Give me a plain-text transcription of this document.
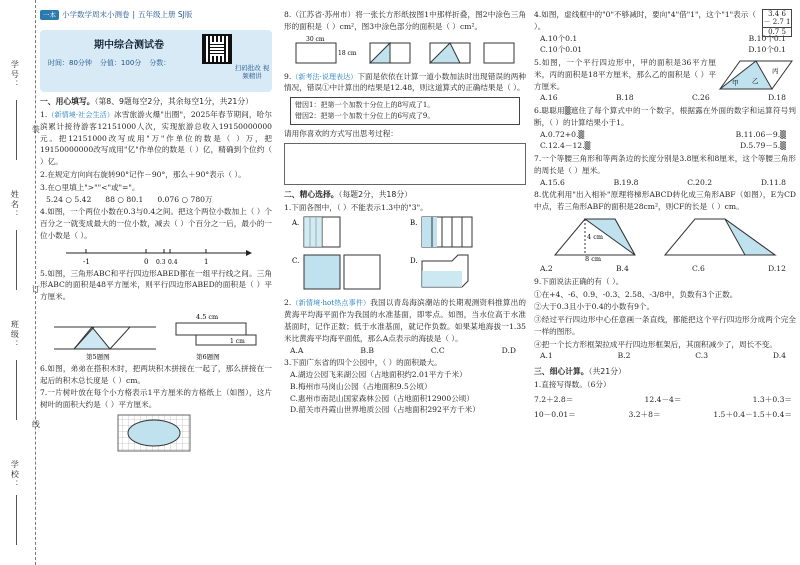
学号：
姓名：
班级：
学校：
装
订
线
一本 小学数学周末小测卷 | 五年级上册 SJ版
期中综合测试卷
时间：80分钟 分值：100分 分数：
扫码批改 视频精讲
一、用心填写。（第8、9题每空2分，其余每空1分，共21分）
1.（新情境·社会生活）冰雪旅游火爆"出圈"，2025年春节期间，哈尔滨累计接待游客12151000人次，实现旅游总收入19150000000元。把12151000改写成用"万"作单位的数是（ ）万，把19150000000改写成用"亿"作单位的数是（ ）亿，精确到个位约（ ）亿。
2.在规定方向向右旋转90°记作－90°，那么＋90°表示（ ）。
3.在○里填上">""<"或"="。
5.24 ○ 5.42 88 ○ 80.1 0.076 ○ 780万
4.如图，一个两位小数在0.3与0.4之间。把这个两位小数加上（ ）个百分之一就变成最大的一位小数，减去（ ）个百分之一后，最小的一位小数是（ ）。
-1	0 0.3 0.4	1
5.如图，三角形ABC和平行四边形ABED都在一组平行线之间。三角形ABC的面积是48平方厘米，则平行四边形ABED的面积是（ ）平方厘米。
第5题图
4.5 cm
1 cm
第6题图
6.如图，弟弟在搭积木时，把两块积木拼接在一起了，那么拼接在一起后的积木总长度是（ ）cm。
7.一片树叶放在每个小方格表示1平方厘米的方格纸上（如图），这片树叶的面积大约是（ ）平方厘米。
8.（江苏省·苏州市）将一张长方形纸按图1中那样折叠，图2中涂色三角形的面积是（ ）cm²，图3中涂色部分的面积是（ ）cm²。
30 cm
18 cm
9.（新考法·说理表达）下面是依依在计算一道小数加法时出现错误的两种情况，错误①中计算出的结果是12.48，则这道算式的正确结果是（ ）。
错因1：把第一个加数十分位上的8写成了1。
错因2：把第一个加数十分位上的6写成了9。
请用你喜欢的方式写出思考过程：
二、精心选择。（每题2分，共18分）
1.下面各图中，（ ）不能表示1.3中的"3"。
A.	B.
C.	D.
2.（新情境·hot热点事件）我国以青岛海滨潮站的长期观测资料推算出的黄海平均海平面作为我国的水准基面，即零点。如图，当水位高于水准基面时，记作正数；低于水准基面，就记作负数。如果某地海拔一1.35米比黄海平均海平面低，那么A点表示的海拔是（ ）。
A.A	B.B	C.C	D.D
3.下面广东省的四个公园中，（ ）的面积最大。
A.湖边公园飞来湖公园（占地面积约2.01平方千米）
B.梅州市马岗山公园（占地面积9.5公顷）
C.惠州市南昆山国家森林公园（占地面积12900公顷）
D.韶关市丹霞山世界地质公园（占地面积292平方千米）
4.如图，虚线框中的"0"不够减时，要向"4"借"1"，这个"1"表示（ ）。
3.4 6
－ 2.7 1
0.7 5
A.10个0.1	B.10个0.1
C.10个0.01	D.10个0.1
5.如图，一个平行四边形中，甲的面积是36平方厘米，丙的面积是18平方厘米，那么乙的面积是（ ）平方厘米。	甲 乙
丙
A.16	B.18	C.26	D.18
6.聪聪用▒遮住了每个算式中的一个数字，根据露在外面的数字和运算符号判断，（ ）的计算结果小于1。
A.0.72+0.▒	B.11.06－9.▒
C.12.4－12.▒	D.5.79－5.▒
7.一个等腰三角形和等两条边的长度分别是3.8厘米和8厘米，这个等腰三角形的周长是（ ）厘米。
A.15.6	B.19.8	C.20.2	D.11.8
8.优优利用"出入相补"原理将梯形ABCD转化成三角形ABF（如图），E为CD中点，若三角形ABF的面积是28cm²，则CF的长是（ ）cm。
4 cm
8 cm
A.2	B.4	C.6	D.12
9.下面说法正确的有（ ）。
①在+4、-6、0.9、-0.3、2.58、-3/8中，负数有3个正数。
②大于0.3且小于0.4的小数有9个。
③经过平行四边形中心任意画一条直线，都能把这个平行四边形分成两个完全一样的图形。
④把一个长方形框架拉成平行四边形框架后，其面积减少了，周长不变。
A.1	B.2	C.3	D.4
三、细心计算。（共21分）
1.直接写得数。（6分）
7.2＋2.8＝	12.4－4＝	1.3＋0.3＝
10－0.01＝	3.2＋8＝	1.5＋0.4－1.5＋0.4＝
